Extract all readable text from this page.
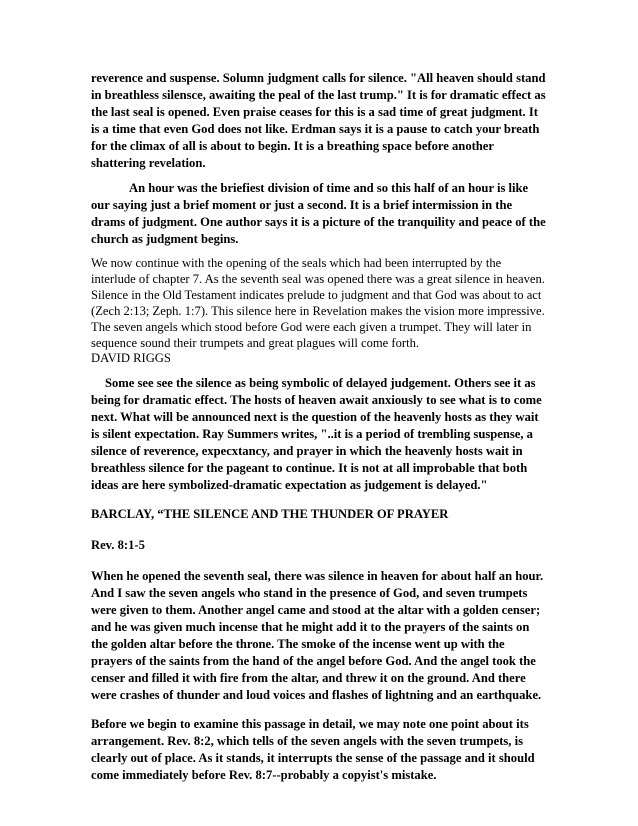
reverence and suspense. Solumn judgment calls for silence. "All heaven should stand in breathless silensce, awaiting the peal of the last trump." It is for dramatic effect as the last seal is opened. Even praise ceases for this is a sad time of great judgment. It is a time that even God does not like. Erdman says it is a pause to catch your breath for the climax of all is about to begin. It is a breathing space before another shattering revelation.

An hour was the briefiest division of time and so this half of an hour is like our saying just a brief moment or just a second. It is a brief intermission in the drams of judgment. One author says it is a picture of the tranquility and peace of the church as judgment begins.

We now continue with the opening of the seals which had been interrupted by the interlude of chapter 7. As the seventh seal was opened there was a great silence in heaven. Silence in the Old Testament indicates prelude to judgment and that God was about to act (Zech 2:13; Zeph. 1:7). This silence here in Revelation makes the vision more impressive. The seven angels which stood before God were each given a trumpet. They will later in sequence sound their trumpets and great plagues will come forth.

DAVID RIGGS

Some see see the silence as being symbolic of delayed judgement. Others see it as being for dramatic effect. The hosts of heaven await anxiously to see what is to come next. What will be announced next is the question of the heavenly hosts as they wait is silent expectation. Ray Summers writes, "..it is a period of trembling suspense, a silence of reverence, expecxtancy, and prayer in which the heavenly hosts wait in breathless silence for the pageant to continue. It is not at all improbable that both ideas are here symbolized-dramatic expectation as judgement is delayed."

BARCLAY, “THE SILENCE AND THE THUNDER OF PRAYER

Rev. 8:1-5

When he opened the seventh seal, there was silence in heaven for about half an hour. And I saw the seven angels who stand in the presence of God, and seven trumpets were given to them. Another angel came and stood at the altar with a golden censer; and he was given much incense that he might add it to the prayers of the saints on the golden altar before the throne. The smoke of the incense went up with the prayers of the saints from the hand of the angel before God. And the angel took the censer and filled it with fire from the altar, and threw it on the ground. And there were crashes of thunder and loud voices and flashes of lightning and an earthquake.

Before we begin to examine this passage in detail, we may note one point about its arrangement. Rev. 8:2, which tells of the seven angels with the seven trumpets, is clearly out of place. As it stands, it interrupts the sense of the passage and it should come immediately before Rev. 8:7--probably a copyist's mistake.
